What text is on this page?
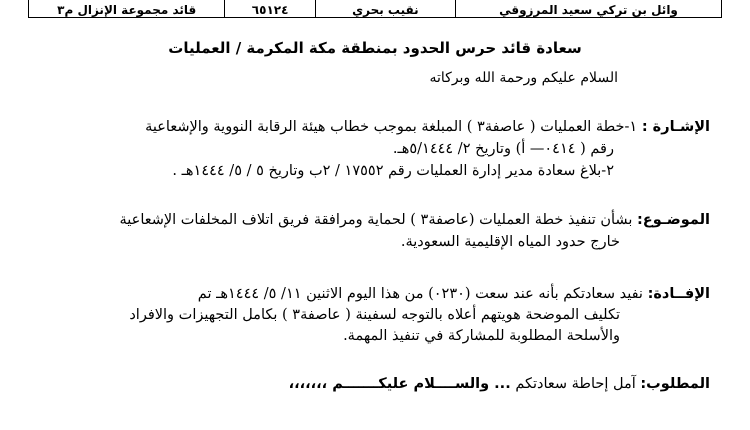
وائل بن تركي سعيد المرزوقي	نقيب بحري	٦٥١٢٤	قائد مجموعة الإنزال م٣
سعادة قائد حرس الحدود بمنطقة مكة المكرمة / العمليات
السلام عليكم ورحمة الله وبركاته
الإشـارة : ١-خطة العمليات ( عاصفة٣ ) المبلغة بموجب خطاب هيئة الرقابة النووية والإشعاعية
رقم ( ٠٤١٤— أ) وتاريخ ٢/ ٥/١٤٤٤هـ.
٢-بلاغ سعادة مدير إدارة العمليات رقم ١٧٥٥٢ / ٢ب وتاريخ ٥ / ٥/ ١٤٤٤هـ .
الموضـوع: بشأن تنفيذ خطة العمليات (عاصفة٣ ) لحماية ومرافقة فريق اتلاف المخلفات الإشعاعية
خارج حدود المياه الإقليمية السعودية.
الإفــادة: نفيد سعادتكم بأنه عند سعت (٠٢٣٠) من هذا اليوم الاثنين ١١/ ٥/ ١٤٤٤هـ تم
تكليف الموضحة هويتهم أعلاه بالتوجه لسفينة ( عاصفة٣ ) بكامل التجهيزات والافراد
والأسلحة المطلوبة للمشاركة في تنفيذ المهمة.
المطلوب: آمل إحاطة سعادتكم ... والســــلام عليكـــــــم ،،،،،،،
